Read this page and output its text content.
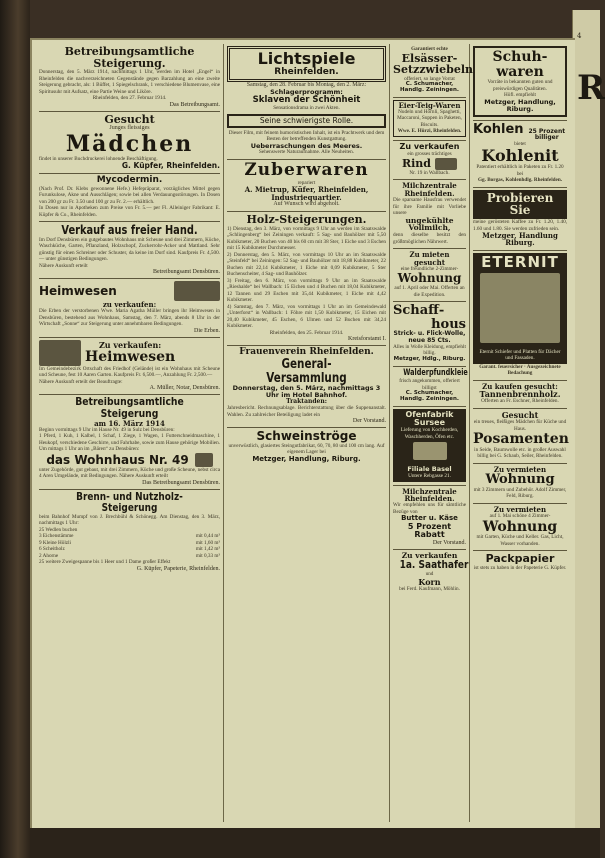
4
R
Betreibungsamtliche Steigerung.
Donnerstag, den 5. März 1914, nachmittags 1 Uhr, werden im Hotel „Engel“ in Rheinfelden die nachverzeichneten Gegenstände gegen Barzahlung an eine zweite Steigerung gebracht, als: 1 Büffet, 1 Spiegelschrank, 1 verschiedene Blumenvase, eine Spiritusuhr mit Aufsatz, eine Partie Weine und Liköre.
Rheinfelden, den 27. Februar 1914.
Das Betreibungsamt.
Gesucht
Junges fleissiges
Mädchen
findet in unserer Buchdruckerei lohnende Beschäftigung.
G. Küpfer, Rheinfelden.
Mycodermin.
(Nach Prof. Dr. Klebs gewonnene Hefe.) Hefepräparat, vorzügliches Mittel gegen Furunkulose, Akne und Ausschlägen; sowie bei allen Verdauungsstörungen. In Dosen von 200 gr zu Fr. 3.50 und 100 gr zu Fr. 2.— erhältlich.
In Dosen nur in Apotheken zum Preise von Fr. 5.— per Fl. Alleiniger Fabrikant: E. Küpfer & Co., Rheinfelden.
Verkauf aus freier Hand.
Im Dorf Densbüren ein gutgebautes Wohnhaus mit Scheune und drei Zimmern, Küche, Waschküche, Garten, Pflanzland, Holzschopf, Zuckerrohr-Acker und Mattland. Sehr günstig für einen Schreiner oder Schuster, da keine im Dorf sind. Kaufpreis Fr. 4,500.— unter günstigen Bedingungen.
Nähere Auskunft erteilt
Betreibungsamt Densbüren.
Heimwesen
zu verkaufen:
Die Erben der verstorbenen Wwe. Maria Agatha Müller bringen ihr Heimwesen in Densbüren, bestehend aus Wohnhaus, Samstag, den 7. März, abends 8 Uhr in der Wirtschaft „Sonne“ zur Steigerung unter annehmbaren Bedingungen.
Die Erben.
Zu verkaufen:
Heimwesen
Im Gemeindebezirk Ortschaft des Friedhof (Gelände) ist ein Wohnhaus mit Scheune und Scheune, fest 10 Aaren Garten. Kaufpreis Fr. 6,500.—, Anzahlung Fr. 2,500.—
Nähere Auskunft erteilt der Beauftragte:
A. Müller, Notar, Densbüren.
Betreibungsamtliche Steigerung
am 16. März 1914
Beginn vormittags 9 Uhr im Hause Nr. 49 in Sulz bei Densbüren:
1 Pferd, 1 Kuh, 1 Kalbel, 1 Schaf, 1 Ziege, 1 Wagen, 1 Futterschneidmaschine, 1 Heukopf, verschiedene Geschirre, und Fahrhabe, sowie zum Hause gehörige Mobilien. Um mittags 1 Uhr an im „Bären“ zu Densbüren:
das Wohnhaus Nr. 49
unter Zugehörde, gut gebaut, mit drei Zimmern, Küche und große Scheune, nebst circa 4 Aren Umgelände, mit Bedingungen. Nähere Auskunft erteilt
Das Betreibungsamt Densbüren.
Brenn- und Nutzholz-Steigerung
beim Bahnhof Mumpf von J. Brechbühl & Schönegg. Am Dienstag, den 3. März, nachmittags 1 Uhr:
25 Wedlen buchen
3 Eichenstämme	mit 0,44 m³
9 Kleine Hölzli	mit 1,60 m³
6 Scheitholz	mit 1,42 m³
2 Ahorne	mit 0,33 m³
25 weitere Zweigespanne bis 1 Heer und 1 Dame großer Effekt
G. Küpfer, Papeterie, Rheinfelden.
Lichtspiele
Rheinfelden.
Samstag, den 28. Februar bis Montag, den 2. März:
Schlagerprogramm:
Sklaven der Schönheit
Sensationsdrama in zwei Akten.
Seine schwierigste Rolle.
Dieser Film, mit feinem humoristischen Inhalt, ist ein Prachtwerk und dem Besten der betreffenden Kunstgattung.
Ueberraschungen des Meeres.
Sehenswerte Naturaufnahme. Alle Neuheiten.
Zuberwaren
repariert
A. Mietrup, Küfer, Rheinfelden, Industriequartier.
Auf Wunsch wird abgeholt.
Holz-Steigerungen.
1) Dienstag, den 3. März, von vormittags 9 Uhr an werden im Staatswalde „Schlingenberg“ bei Zeiningen verkauft: 5 Sag- und Bauhölzer mit 5,50 Kubikmeter, 20 Buchen von 40 bis 60 cm mit 38 Ster, 1 Eiche und 3 Eschen mit 15 Kubikmeter Durchmesser.
2) Donnerstag, den 5. März, von vormittags 10 Uhr an im Staatswalde „Steinfeld“ bei Zeiningen: 52 Sag- und Bauhölzer mit 18,88 Kubikmeter, 22 Buchen mit 22,14 Kubikmeter, 1 Eiche mit 0,09 Kubikmeter, 5 Ster Buchenscheiter, 4 Sag- und Bauhölzer.
3) Freitag, den 6. März, von vormittags 9 Uhr an im Staatswalde „Rieshalde“ bei Wallbach: 15 Eichen und 4 Buchen mit 18,04 Kubikmeter, 12 Tannen und 29 Eschen mit 35,44 Kubikmeter, 1 Eiche mit 4,42 Kubikmeter.
4) Samstag, den 7. März, von vormittags 1 Uhr an im Gemeindewald „Unterforst“ in Wallbach: 1 Föhre mit 1,50 Kubikmeter, 15 Eichen mit 20,40 Kubikmeter, 45 Eschen, 6 Ulmen und 52 Buchen mit 34,24 Kubikmeter.
Rheinfelden, den 25. Februar 1914.
Kreisforstamt I.
Frauenverein Rheinfelden.
General-Versammlung
Donnerstag, den 5. März, nachmittags 3 Uhr im Hotel Bahnhof.
Traktanden:
Jahresbericht. Rechnungsablage. Berichterstattung über die Suppenanstalt. Wahlen. Zu zahlreicher Beteiligung ladet ein
Der Vorstand.
Schweinströge
unverwüstlich, glasiertes Steingutfabrikat, 60, 70, 80 und 100 cm lang. Auf eigenem Lager bei
Metzger, Handlung, Riburg.
Garantiert echte
Elsässer-Setzzwiebeln
offeriert, so lange Vorrat
C. Schumacher, Handlg. Zeiningen.
Eier-Teig-Waren
Nudeln und Hörnli, Spaghetti, Maccaroni, Suppen in Paketen, Biscuits.
Wwe. E. Hürzi, Rheinfelden.
Zu verkaufen
ein grosses trächtiges
Rind
Nr. 19 in Wallbach.
Milchzentrale Rheinfelden.
Die sparsame Hausfrau verwendet für ihre Familie mit Vorliebe unsere
ungekühlte Vollmilch,
denn dieselbe besitzt den größtmöglichen Nährwert.
Zu mieten gesucht
eine freundliche 2-Zimmer-
Wohnung
auf 1. April oder Mai. Offerten an die Expedition.
Schaff-
hous
Strick- u. Flick-Wolle, neue 85 Cts.
Alles in Wolle Kleidung, empfiehlt billig.
Metzger, Hdlg., Riburg.
Walderpfundkleie
frisch angekommen, offeriert billigst
C. Schumacher, Handlg. Zeiningen.
Ofenfabrik Sursee
Lieferung von Kochherden, Waschherden, Öfen etc.
Filiale Basel
Untere Rebgasse 21.
Milchzentrale Rheinfelden.
Wir empfehlen uns für sämtliche Bezüge von
Butter u. Käse
5 Prozent Rabatt
Der Vorstand.
Zu verkaufen
1a. Saathafer
und
Korn
bei Ferd. Kaufmann, Möhlin.
Schuh-waren
Vorräte in bekannten guten und preiswürdigen Qualitäten.
Höfl. empfiehlt
Metzger, Handlung, Riburg.
Kohlen 25 Prozent billiger
bietet
Kohlenit
Patentiert erhältlich in Paketen zu Fr. 1.20 bei
Gg. Borgas, Kohlenhdlg. Rheinfelden.
Probieren Sie
meine gerösteten Kaffee zu Fr. 1.20, 1.40, 1.60 und 1.80. Sie werden zufrieden sein.
Metzger, Handlung Riburg.
ETERNIT
Eternit Schiefer und Platten für Dächer und Fassaden.
Garant. feuersicher · Ausgezeichnete Bedachung
Zu kaufen gesucht:
Tannenbrennholz.
Offerten an Fr. Eschner, Rheinfelden.
Gesucht
ein treues, fleißiges Mädchen für Küche und Haus.
Posamenten
in Seide, Baumwolle etc. in großer Auswahl billig bei G. Schaub, Seiler, Rheinfelden.
Zu vermieten
Wohnung
mit 3 Zimmern und Zubehör. Adolf Zimmer, Feld, Riburg.
Zu vermieten
auf 1. Mai schöne 4 Zimmer-
Wohnung
mit Garten, Küche und Keller. Gas, Licht, Wasser vorhanden.
Packpapier
ist stets zu haben in der Papeterie G. Küpfer.
